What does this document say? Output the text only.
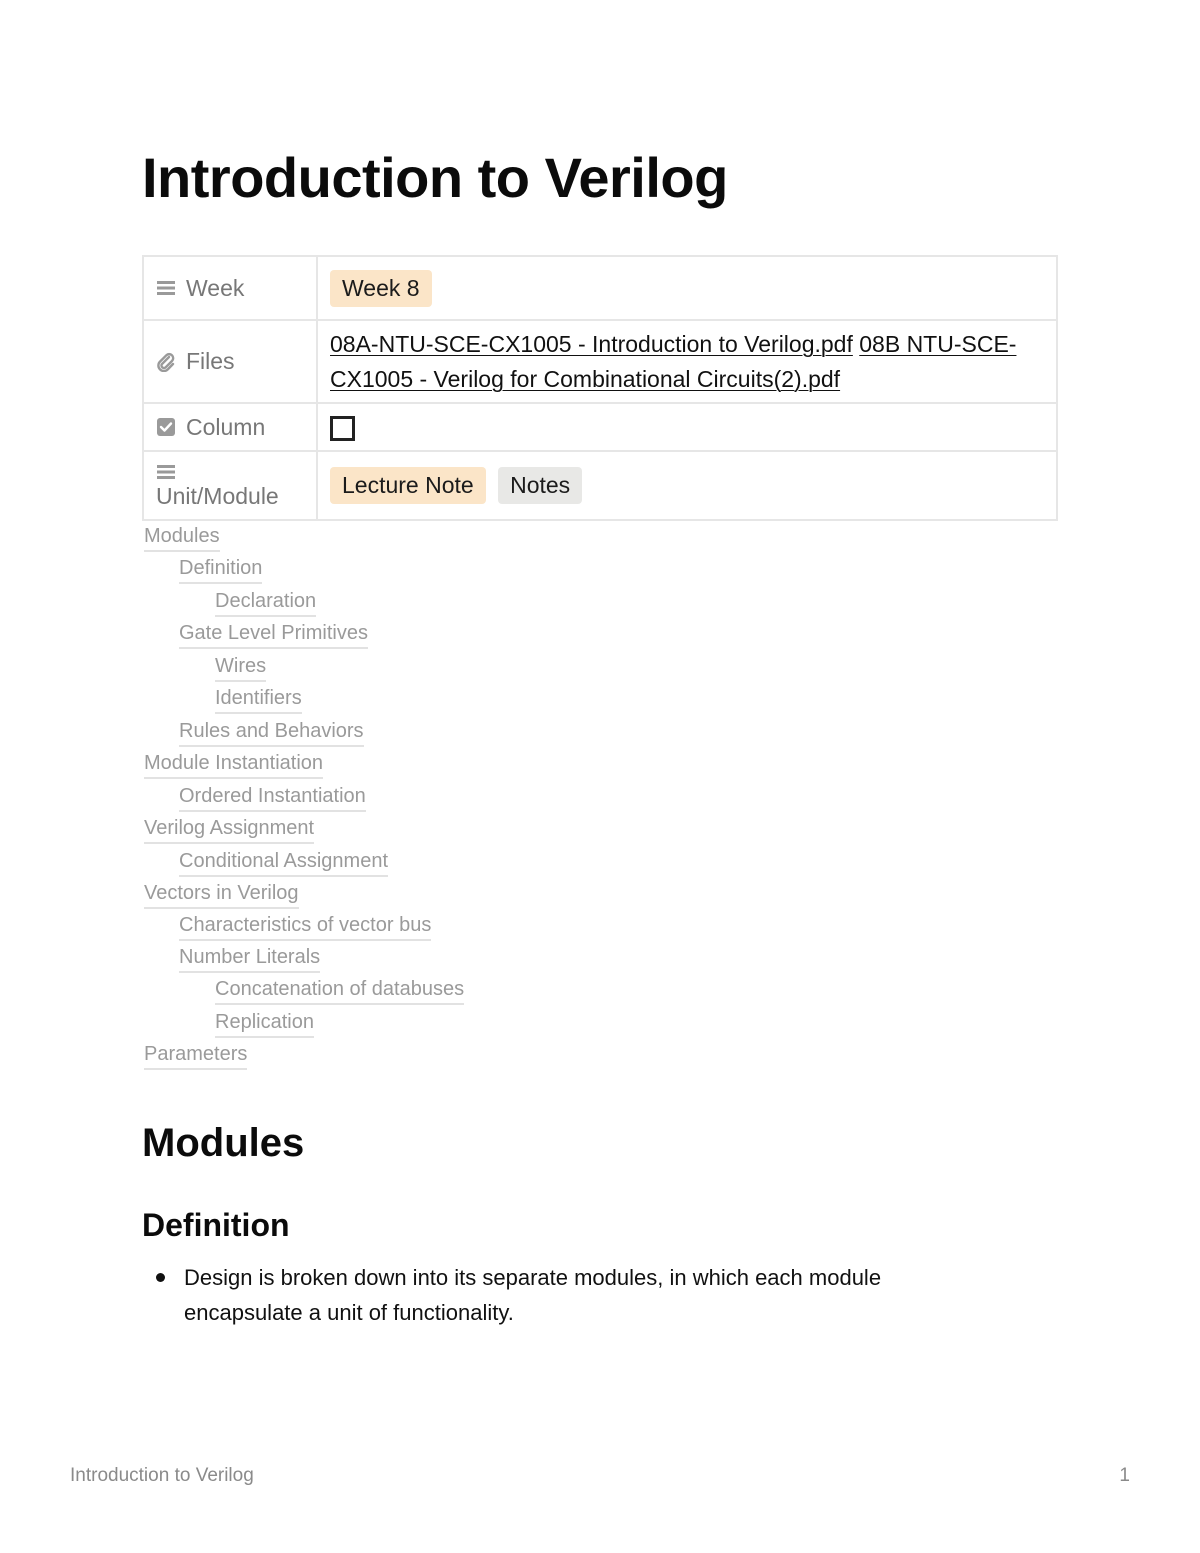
Introduction to Verilog
Week	Week 8

Files	08A-NTU-SCE-CX1005 - Introduction to Verilog.pdf 08B NTU-SCE-CX1005 - Verilog for Combinational Circuits(2).pdf

Column	

Unit/Module	Lecture Note Notes
Modules
Definition
Declaration
Gate Level Primitives
Wires
Identifiers
Rules and Behaviors
Module Instantiation
Ordered Instantiation
Verilog Assignment
Conditional Assignment
Vectors in Verilog
Characteristics of vector bus
Number Literals
Concatenation of databuses
Replication
Parameters
Modules
Definition
Design is broken down into its separate modules, in which each module encapsulate a unit of functionality.
Introduction to Verilog	1
